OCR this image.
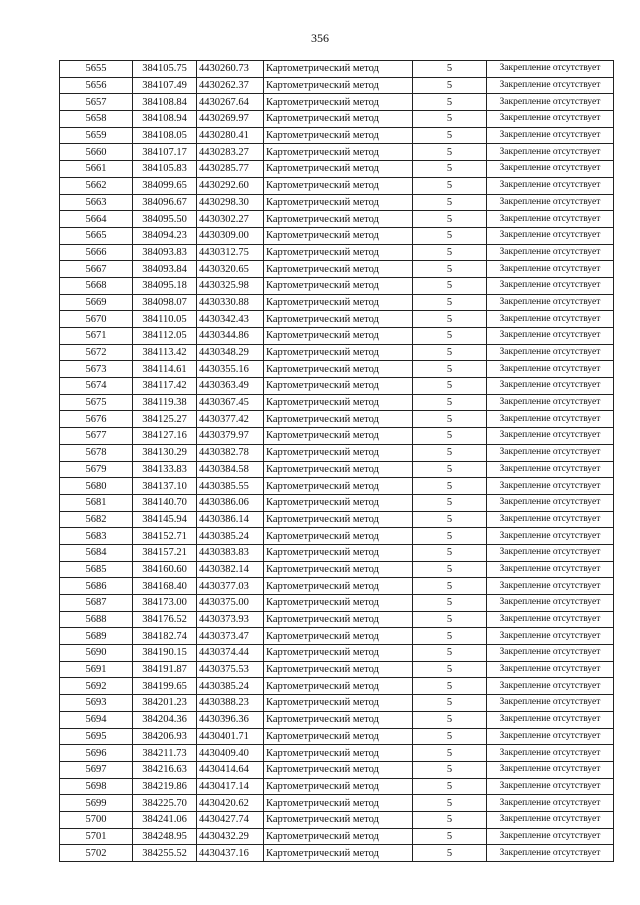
356
5655	384105.75	4430260.73	Картометрический метод	5	Закрепление отсутствует
5656	384107.49	4430262.37	Картометрический метод	5	Закрепление отсутствует
5657	384108.84	4430267.64	Картометрический метод	5	Закрепление отсутствует
5658	384108.94	4430269.97	Картометрический метод	5	Закрепление отсутствует
5659	384108.05	4430280.41	Картометрический метод	5	Закрепление отсутствует
5660	384107.17	4430283.27	Картометрический метод	5	Закрепление отсутствует
5661	384105.83	4430285.77	Картометрический метод	5	Закрепление отсутствует
5662	384099.65	4430292.60	Картометрический метод	5	Закрепление отсутствует
5663	384096.67	4430298.30	Картометрический метод	5	Закрепление отсутствует
5664	384095.50	4430302.27	Картометрический метод	5	Закрепление отсутствует
5665	384094.23	4430309.00	Картометрический метод	5	Закрепление отсутствует
5666	384093.83	4430312.75	Картометрический метод	5	Закрепление отсутствует
5667	384093.84	4430320.65	Картометрический метод	5	Закрепление отсутствует
5668	384095.18	4430325.98	Картометрический метод	5	Закрепление отсутствует
5669	384098.07	4430330.88	Картометрический метод	5	Закрепление отсутствует
5670	384110.05	4430342.43	Картометрический метод	5	Закрепление отсутствует
5671	384112.05	4430344.86	Картометрический метод	5	Закрепление отсутствует
5672	384113.42	4430348.29	Картометрический метод	5	Закрепление отсутствует
5673	384114.61	4430355.16	Картометрический метод	5	Закрепление отсутствует
5674	384117.42	4430363.49	Картометрический метод	5	Закрепление отсутствует
5675	384119.38	4430367.45	Картометрический метод	5	Закрепление отсутствует
5676	384125.27	4430377.42	Картометрический метод	5	Закрепление отсутствует
5677	384127.16	4430379.97	Картометрический метод	5	Закрепление отсутствует
5678	384130.29	4430382.78	Картометрический метод	5	Закрепление отсутствует
5679	384133.83	4430384.58	Картометрический метод	5	Закрепление отсутствует
5680	384137.10	4430385.55	Картометрический метод	5	Закрепление отсутствует
5681	384140.70	4430386.06	Картометрический метод	5	Закрепление отсутствует
5682	384145.94	4430386.14	Картометрический метод	5	Закрепление отсутствует
5683	384152.71	4430385.24	Картометрический метод	5	Закрепление отсутствует
5684	384157.21	4430383.83	Картометрический метод	5	Закрепление отсутствует
5685	384160.60	4430382.14	Картометрический метод	5	Закрепление отсутствует
5686	384168.40	4430377.03	Картометрический метод	5	Закрепление отсутствует
5687	384173.00	4430375.00	Картометрический метод	5	Закрепление отсутствует
5688	384176.52	4430373.93	Картометрический метод	5	Закрепление отсутствует
5689	384182.74	4430373.47	Картометрический метод	5	Закрепление отсутствует
5690	384190.15	4430374.44	Картометрический метод	5	Закрепление отсутствует
5691	384191.87	4430375.53	Картометрический метод	5	Закрепление отсутствует
5692	384199.65	4430385.24	Картометрический метод	5	Закрепление отсутствует
5693	384201.23	4430388.23	Картометрический метод	5	Закрепление отсутствует
5694	384204.36	4430396.36	Картометрический метод	5	Закрепление отсутствует
5695	384206.93	4430401.71	Картометрический метод	5	Закрепление отсутствует
5696	384211.73	4430409.40	Картометрический метод	5	Закрепление отсутствует
5697	384216.63	4430414.64	Картометрический метод	5	Закрепление отсутствует
5698	384219.86	4430417.14	Картометрический метод	5	Закрепление отсутствует
5699	384225.70	4430420.62	Картометрический метод	5	Закрепление отсутствует
5700	384241.06	4430427.74	Картометрический метод	5	Закрепление отсутствует
5701	384248.95	4430432.29	Картометрический метод	5	Закрепление отсутствует
5702	384255.52	4430437.16	Картометрический метод	5	Закрепление отсутствует
